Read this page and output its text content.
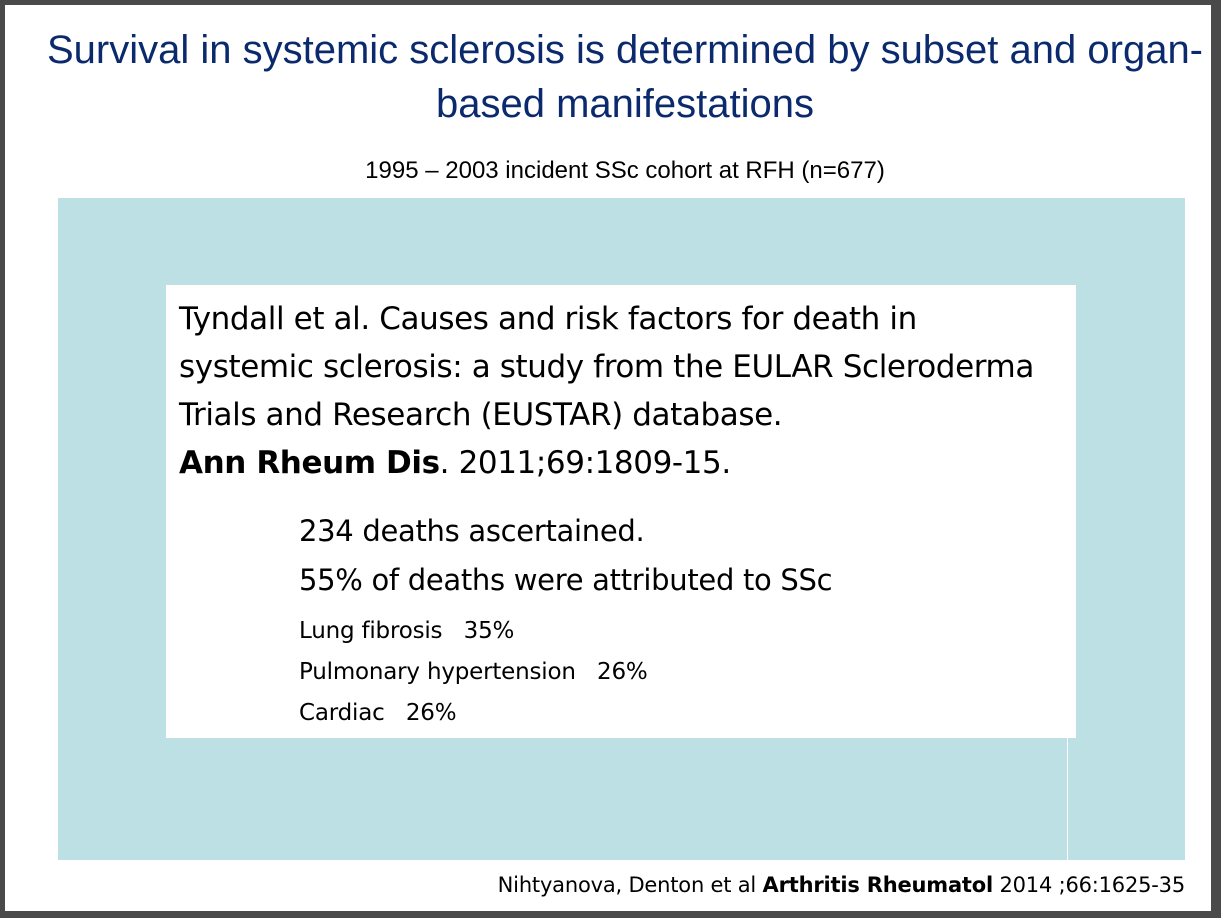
Survival in systemic sclerosis is determined by subset and organ-based manifestations
1995 – 2003 incident SSc cohort at RFH (n=677)
Tyndall et al. Causes and risk factors for death in systemic sclerosis: a study from the EULAR Scleroderma Trials and Research (EUSTAR) database.
Ann Rheum Dis. 2011;69:1809-15.
234 deaths ascertained.
55% of deaths were attributed to SSc
Lung fibrosis   35%
Pulmonary hypertension   26%
Cardiac   26%
Nihtyanova, Denton et al Arthritis Rheumatol 2014 ;66:1625-35
